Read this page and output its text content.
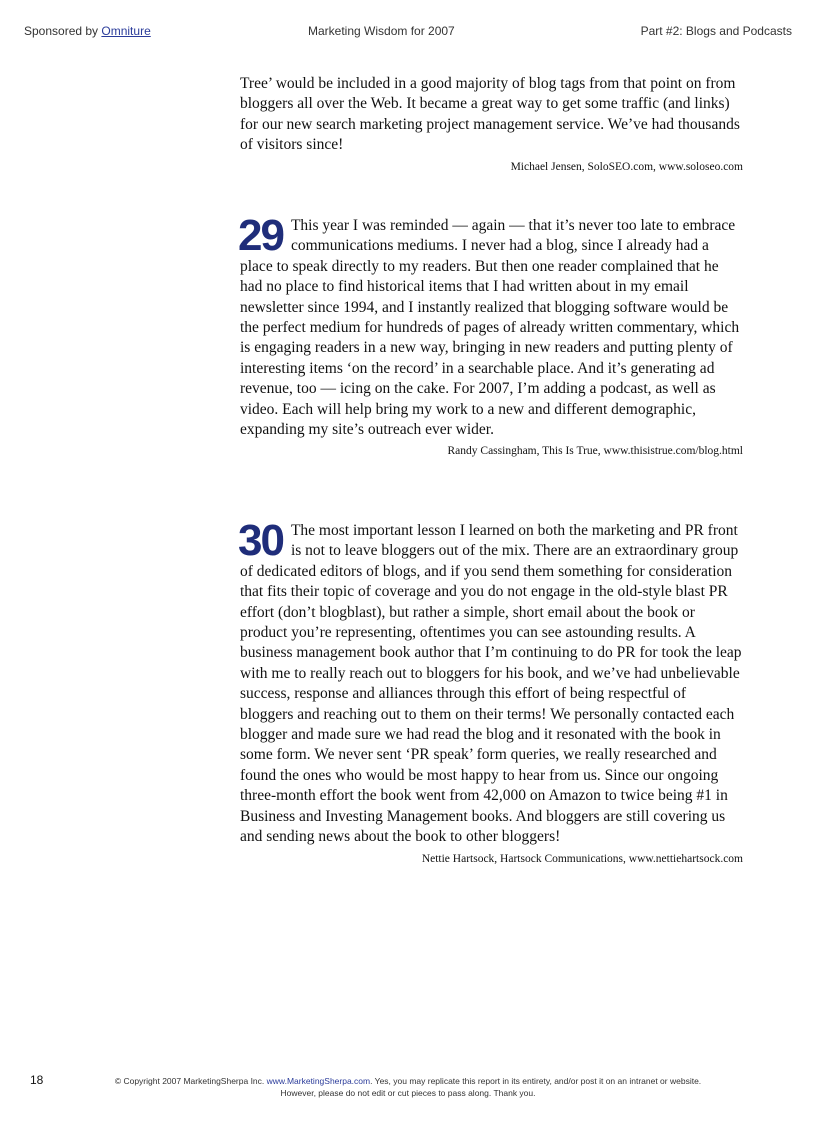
Sponsored by Omniture	Marketing Wisdom for 2007	Part #2: Blogs and Podcasts

Tree’ would be included in a good majority of blog tags from that point on from bloggers all over the Web. It became a great way to get some traffic (and links) for our new search marketing project management service. We’ve had thousands of visitors since!

Michael Jensen, SoloSEO.com, www.soloseo.com
29 This year I was reminded — again — that it’s never too late to embrace communications mediums. I never had a blog, since I already had a place to speak directly to my readers. But then one reader complained that he had no place to find historical items that I had written about in my email newsletter since 1994, and I instantly realized that blogging software would be the perfect medium for hundreds of pages of already written commentary, which is engaging readers in a new way, bringing in new readers and putting plenty of interesting items ‘on the record’ in a searchable place. And it’s generating ad revenue, too — icing on the cake. For 2007, I’m adding a podcast, as well as video. Each will help bring my work to a new and different demographic, expanding my site’s outreach ever wider.

Randy Cassingham, This Is True, www.thisistrue.com/blog.html
30 The most important lesson I learned on both the marketing and PR front is not to leave bloggers out of the mix. There are an extraordinary group of dedicated editors of blogs, and if you send them something for consideration that fits their topic of coverage and you do not engage in the old-style blast PR effort (don’t blogblast), but rather a simple, short email about the book or product you’re representing, oftentimes you can see astounding results. A business management book author that I’m continuing to do PR for took the leap with me to really reach out to bloggers for his book, and we’ve had unbelievable success, response and alliances through this effort of being respectful of bloggers and reaching out to them on their terms! We personally contacted each blogger and made sure we had read the blog and it resonated with the book in some form. We never sent ‘PR speak’ form queries, we really researched and found the ones who would be most happy to hear from us. Since our ongoing three-month effort the book went from 42,000 on Amazon to twice being #1 in Business and Investing Management books. And bloggers are still covering us and sending news about the book to other bloggers!

Nettie Hartsock, Hartsock Communications, www.nettiehartsock.com
18	© Copyright 2007 MarketingSherpa Inc. www.MarketingSherpa.com. Yes, you may replicate this report in its entirety, and/or post it on an intranet or website.
However, please do not edit or cut pieces to pass along. Thank you.
